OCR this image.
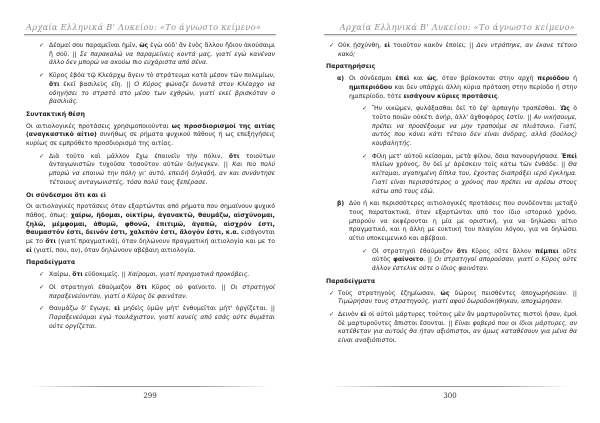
Αρχαία Ελληνικά Β' Λυκείου: «Το άγνωστο κείμενο»
✓ Δέομαί σου παραμεῖναι ἡμῖν, ὡς ἐγὼ οὐδ' ἂν ἑνὸς ἄλλου ἥδιον ἀκούσαιμι ἢ σοῦ. || Σε παρακαλώ να παραμείνεις κοντά μας, γιατί εγώ κανέναν άλλο δεν μπορώ να ακούω πιο ευχάριστα από σένα.
✓ Κῦρος ἐβόα τῷ Κλεάρχῳ ἄγειν τὸ στράτευμα κατὰ μέσον τῶν πολεμίων, ὅτι ἐκεῖ βασιλεὺς εἴη. || Ο Κύρος φώναζε δυνατά στον Κλέαρχο να οδηγήσει το στρατό στο μέσο των εχθρών, γιατί εκεί βρισκόταν ο βασιλιάς.
Συντακτική θέση
Οι αιτιολογικές προτάσεις χρησιμοποιούνται ως προσδιορισμοί της αιτίας (αναγκαστικό αίτιο) συνήθως σε ρήματα ψυχικού πάθους ή ως επεξηγήσεις κυρίως σε εμπρόθετο προσδιορισμό της αιτίας.
✓ Διὰ τοῦτο καὶ μᾶλλον ἔχω ἐπαινεῖν τὴν πόλιν, ὅτι τοιούτων ἀνταγωνιστῶν τυχοῦσα τοσοῦτον αὐτῶν διήνεγκεν. || Και πιο πολύ μπορώ να επαινώ την πόλη γι' αυτό, επειδή δηλαδή, αν και συνάντησε τέτοιους ανταγωνιστές, τόσο πολύ τους ξεπέρασε.
Οι σύνδεσμοι ὅτι και εἰ
Οι αιτιολογικές προτάσεις όταν εξαρτώνται από ρήματα που σημαίνουν ψυχικό πάθος, όπως: χαίρω, ἥδομαι, οἰκτίρω, ἀγανακτῶ, θαυμάζω, αἰσχύνομαι, ζηλῶ, μέμφομαι, ἀθυμῶ, φθονῶ, ἐπιτιμῶ, ἀγαπῶ, αἰσχρόν ἐστι, θαυμαστόν ἐστι, δεινόν ἐστι, χαλεπόν ἐστι, ἄλογόν ἐστι, κ.α. εισάγονται με το ὅτι (γιατί πραγματικά), όταν δηλώνουν πραγματική αιτιολογία και με το εἰ (γιατί, που, αν), όταν δηλώνουν αβέβαιη αιτιολογία.
Παραδείγματα
✓ Χαίρω, ὅτι εὐδοκιμεῖς. || Χαίρομαι, γιατί πραγματικά προκόβεις.
✓ Οἱ στρατηγοὶ ἐθαύμαζον ὅτι Κῦρος οὐ φαίνοιτο. || Οι στρατηγοί παραξενεύονταν, γιατί ο Κύρος δε φαινόταν.
✓ Θαυμάζω δ' ἔγωγε, εἰ μηδεὶς ὑμῶν μήτ' ἐνθυμεῖται μήτ' ὀργίζεται. || Παραξενεύομαι εγώ τουλάχιστον, γιατί κανείς από εσάς ούτε θυμάται ούτε οργίζεται.
299
Αρχαία Ελληνικά Β' Λυκείου: «Το άγνωστο κείμενο»
✓ Οὐκ ᾐσχύνθη, εἰ τοιοῦτον κακὸν ἐποίει; || Δεν ντράπηκε, αν έκανε τέτοιο κακό;
Παρατηρήσεις
α) Οι σύνδεσμοι ἐπεὶ και ὡς, όταν βρίσκονται στην αρχή περιόδου ή ημιπεριόδου και δεν υπάρχει άλλη κύρια πρόταση στην περίοδο ή στην ημιπερίοδο, τότε εισάγουν κύριες προτάσεις.
✓ Ἢν νικῶμεν, φυλάξασθαι δεῖ τὸ ἐφ' ἁρπαγὴν τραπέσθαι. Ὡς ὁ τοῦτο ποιῶν οὐκέτι ἀνήρ, ἀλλ' ἀχθοφόρος ἐστίν. || Αν νικήσουμε, πρέπει να προσέξουμε να μην τραπούμε σε πλιάτσικο. Γιατί, αυτός που κάνει κάτι τέτοιο δεν είναι άνδρας, αλλά (δούλος) κουβαλητής.
✓ Φίλη μετ' αὐτοῦ κείσομαι, μετὰ φίλου, ὅσια πανουργήσασα. Ἐπεὶ πλείων χρόνος, ὃν δεῖ μ' ἀρέσκειν τοῖς κάτω τῶν ἐνθάδε. || Θα κείτομαι, αγαπημένη δίπλα του, έχοντας διαπράξει ιερό έγκλημα. Γιατί είναι περισσότερος ο χρόνος που πρέπει να αρέσω στους κάτω από τους εδώ.
β) Δύο ή και περισσότερες αιτιολογικές προτάσεις που συνδέονται μεταξύ τους παρατακτικά, όταν εξαρτώνται από τον ίδιο ιστορικό χρόνο, μπορούν να εκφέρονται η μία με οριστική, για να δηλώσει αίτιο πραγματικό, και η άλλη με ευκτική του πλαγίου λόγου, για να δηλώσει αίτιο υποκειμενικό και αβέβαιο.
✓ Οἱ στρατηγοὶ ἐθαύμαζον ὅτι Κῦρος οὔτε ἄλλον πέμπει οὔτε αὐτὸς φαίνοιτο. || Οι στρατηγοί απορούσαν, γιατί ο Κύρος ούτε άλλον έστελνε ούτε ο ίδιος φαινόταν.
Παραδείγματα
✓ Τοὺς στρατηγοὺς ἐζημίωσαν, ὡς δώροις πεισθέντες ἀποχωρήσειαν. || Τιμώρησαν τους στρατηγούς, γιατί αφού δωροδοκήθηκαν, αποχώρησαν.
✓ Δεινὸν εἰ οἱ αὐτοὶ μάρτυρες τούτοις μὲν ἂν μαρτυροῦντες πιστοὶ ἦσαν, ἐμοὶ δὲ μαρτυροῦντες ἄπιστοι ἔσονται. || Είναι φοβερό που οι ίδιοι μάρτυρες, αν κατέθεταν για αυτούς θα ήταν αξιόπιστοι, αν όμως καταθέσουν για μένα θα είναι αναξιόπιστοι.
300
